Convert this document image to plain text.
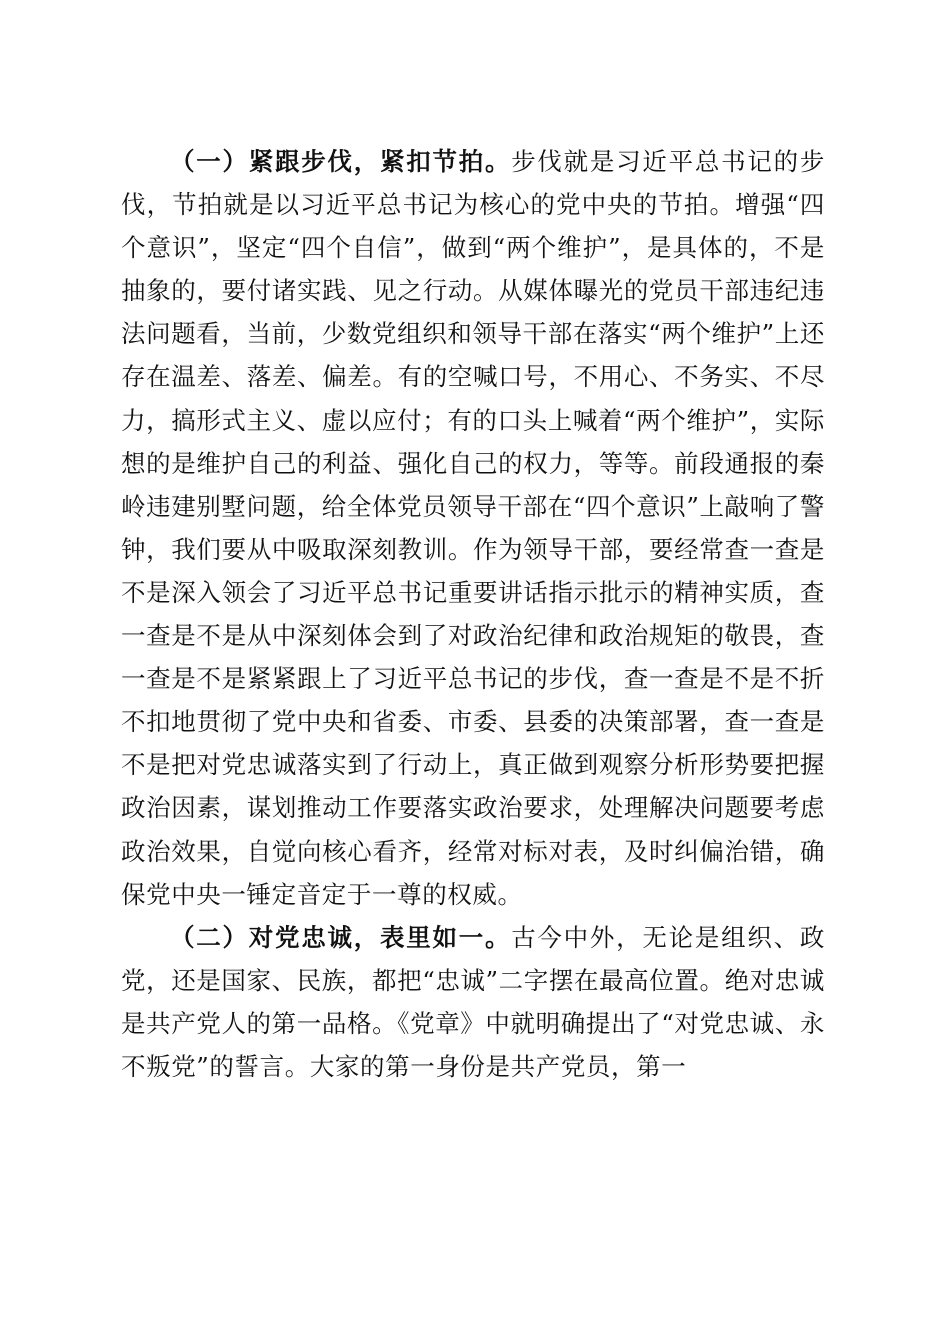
（一）紧跟步伐，紧扣节拍。步伐就是习近平总书记的步伐，节拍就是以习近平总书记为核心的党中央的节拍。增强“四个意识”，坚定“四个自信”，做到“两个维护”，是具体的，不是抽象的，要付诸实践、见之行动。从媒体曝光的党员干部违纪违法问题看，当前，少数党组织和领导干部在落实“两个维护”上还存在温差、落差、偏差。有的空喊口号，不用心、不务实、不尽力，搞形式主义、虚以应付；有的口头上喊着“两个维护”，实际想的是维护自己的利益、强化自己的权力，等等。前段通报的秦岭违建别墅问题，给全体党员领导干部在“四个意识”上敲响了警钟，我们要从中吸取深刻教训。作为领导干部，要经常查一查是不是深入领会了习近平总书记重要讲话指示批示的精神实质，查一查是不是从中深刻体会到了对政治纪律和政治规矩的敬畏，查一查是不是紧紧跟上了习近平总书记的步伐，查一查是不是不折不扣地贯彻了党中央和省委、市委、县委的决策部署，查一查是不是把对党忠诚落实到了行动上，真正做到观察分析形势要把握政治因素，谋划推动工作要落实政治要求，处理解决问题要考虑政治效果，自觉向核心看齐，经常对标对表，及时纠偏治错，确保党中央一锤定音定于一尊的权威。

（二）对党忠诚，表里如一。古今中外，无论是组织、政党，还是国家、民族，都把“忠诚”二字摆在最高位置。绝对忠诚是共产党人的第一品格。《党章》中就明确提出了“对党忠诚、永不叛党”的誓言。大家的第一身份是共产党员，第一
